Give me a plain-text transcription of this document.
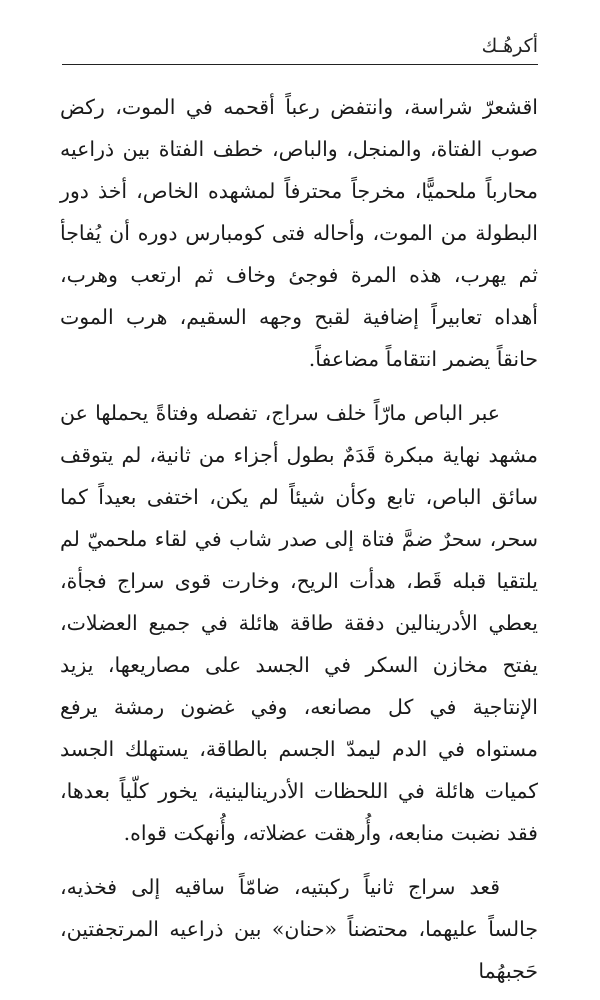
أكرهُـك

اقشعرّ شراسة، وانتفض رعباً أقحمه في الموت، ركض صوب الفتاة، والمنجل، والباص، خطف الفتاة بين ذراعيه محارباً ملحميًّا، مخرجاً محترفاً لمشهده الخاص، أخذ دور البطولة من الموت، وأحاله فتى كومبارس دوره أن يُفاجأ ثم يهرب، هذه المرة فوجئ وخاف ثم ارتعب وهرب، أهداه تعابيراً إضافية لقبح وجهه السقيم، هرب الموت حانقاً يضمر انتقاماً مضاعفاً.

عبر الباص مارّاً خلف سراج، تفصله وفتاةً يحملها عن مشهد نهاية مبكرة قَدَمٌ بطول أجزاء من ثانية، لم يتوقف سائق الباص، تابع وكأن شيئاً لم يكن، اختفى بعيداً كما سحر، سحرٌ ضمَّ فتاة إلى صدر شاب في لقاء ملحميّ لم يلتقيا قبله قَط، هدأت الريح، وخارت قوى سراج فجأة، يعطي الأدرينالين دفقة طاقة هائلة في جميع العضلات، يفتح مخازن السكر في الجسد على مصاريعها، يزيد الإنتاجية في كل مصانعه، وفي غضون رمشة يرفع مستواه في الدم ليمدّ الجسم بالطاقة، يستهلك الجسد كميات هائلة في اللحظات الأدرينالينية، يخور كلّياً بعدها، فقد نضبت منابعه، وأُرهقت عضلاته، وأُنهكت قواه.

قعد سراج ثانياً ركبتيه، ضامّاً ساقيه إلى فخذيه، جالساً عليهما، محتضناً «حنان» بين ذراعيه المرتجفتين، حَجبهُما
